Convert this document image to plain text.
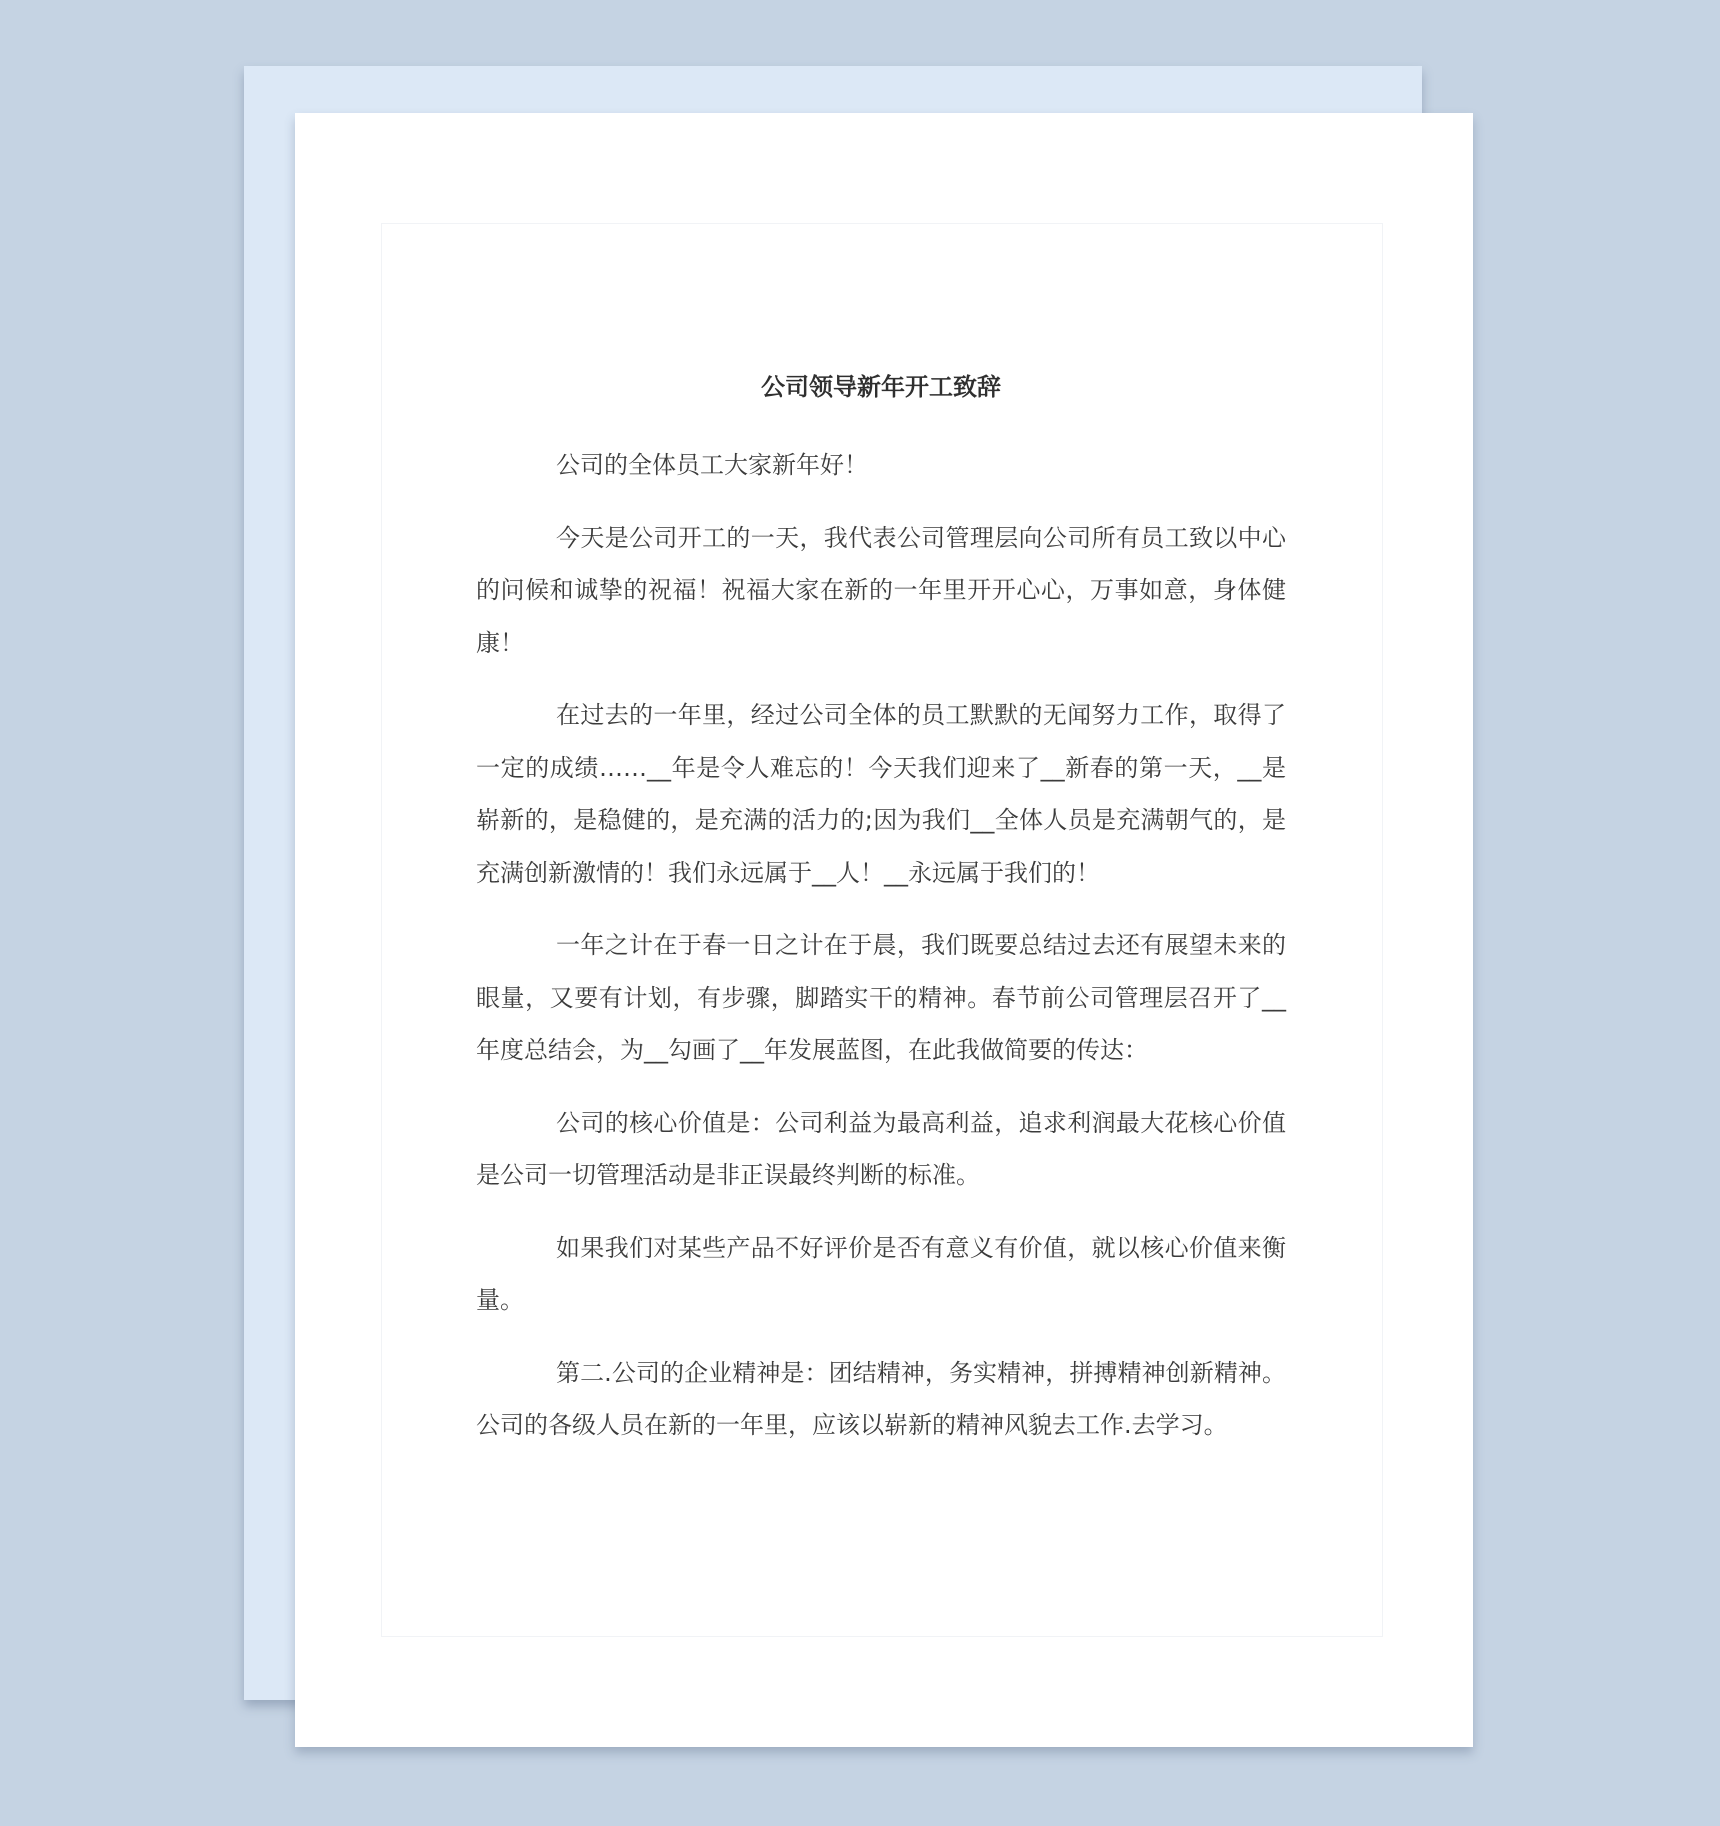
公司领导新年开工致辞

公司的全体员工大家新年好！

今天是公司开工的一天，我代表公司管理层向公司所有员工致以中心的问候和诚挚的祝福！祝福大家在新的一年里开开心心，万事如意，身体健康！

在过去的一年里，经过公司全体的员工默默的无闻努力工作，取得了一定的成绩……__年是令人难忘的！今天我们迎来了__新春的第一天，__是崭新的，是稳健的，是充满的活力的;因为我们__全体人员是充满朝气的，是充满创新激情的！我们永远属于__人！__永远属于我们的！

一年之计在于春一日之计在于晨，我们既要总结过去还有展望未来的眼量，又要有计划，有步骤，脚踏实干的精神。春节前公司管理层召开了__年度总结会，为__勾画了__年发展蓝图，在此我做简要的传达：

公司的核心价值是：公司利益为最高利益，追求利润最大花核心价值是公司一切管理活动是非正误最终判断的标准。

如果我们对某些产品不好评价是否有意义有价值，就以核心价值来衡量。

第二.公司的企业精神是：团结精神，务实精神，拼搏精神创新精神。公司的各级人员在新的一年里，应该以崭新的精神风貌去工作.去学习。
